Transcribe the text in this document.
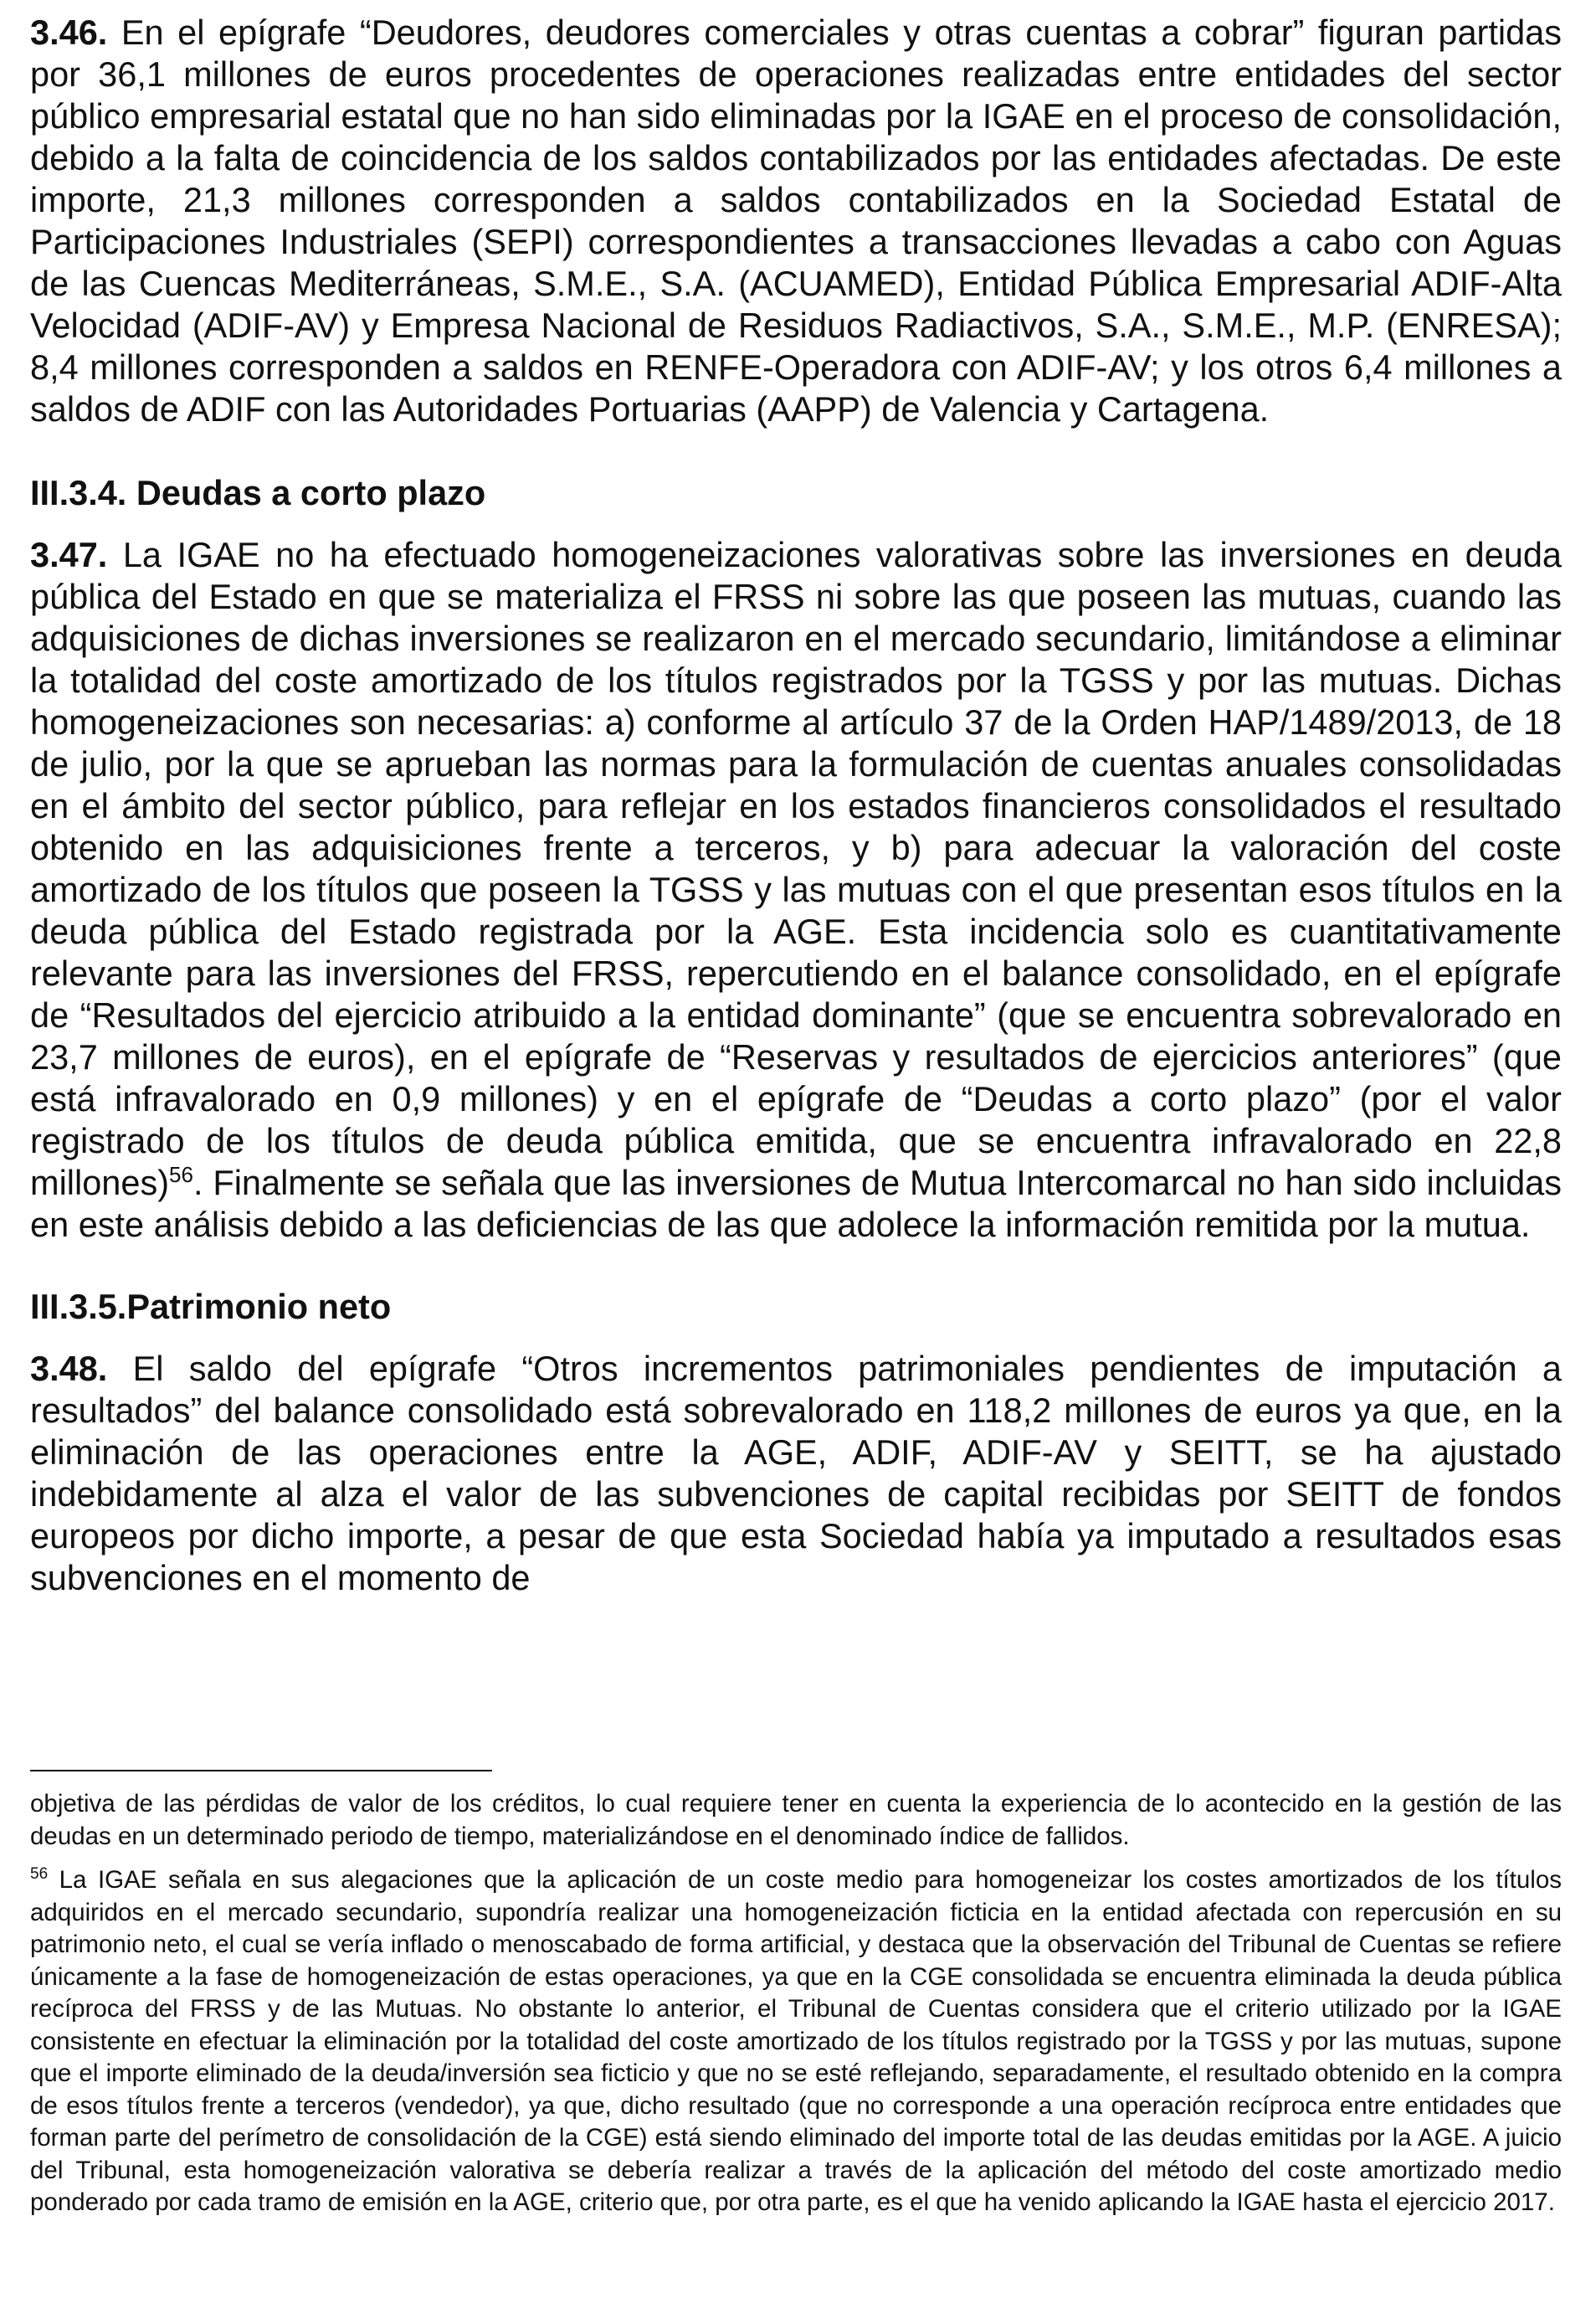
3.46. En el epígrafe “Deudores, deudores comerciales y otras cuentas a cobrar” figuran partidas por 36,1 millones de euros procedentes de operaciones realizadas entre entidades del sector público empresarial estatal que no han sido eliminadas por la IGAE en el proceso de consolidación, debido a la falta de coincidencia de los saldos contabilizados por las entidades afectadas. De este importe, 21,3 millones corresponden a saldos contabilizados en la Sociedad Estatal de Participaciones Industriales (SEPI) correspondientes a transacciones llevadas a cabo con Aguas de las Cuencas Mediterráneas, S.M.E., S.A. (ACUAMED), Entidad Pública Empresarial ADIF-Alta Velocidad (ADIF-AV) y Empresa Nacional de Residuos Radiactivos, S.A., S.M.E., M.P. (ENRESA); 8,4 millones corresponden a saldos en RENFE-Operadora con ADIF-AV; y los otros 6,4 millones a saldos de ADIF con las Autoridades Portuarias (AAPP) de Valencia y Cartagena.

III.3.4. Deudas a corto plazo

3.47. La IGAE no ha efectuado homogeneizaciones valorativas sobre las inversiones en deuda pública del Estado en que se materializa el FRSS ni sobre las que poseen las mutuas, cuando las adquisiciones de dichas inversiones se realizaron en el mercado secundario, limitándose a eliminar la totalidad del coste amortizado de los títulos registrados por la TGSS y por las mutuas. Dichas homogeneizaciones son necesarias: a) conforme al artículo 37 de la Orden HAP/1489/2013, de 18 de julio, por la que se aprueban las normas para la formulación de cuentas anuales consolidadas en el ámbito del sector público, para reflejar en los estados financieros consolidados el resultado obtenido en las adquisiciones frente a terceros, y b) para adecuar la valoración del coste amortizado de los títulos que poseen la TGSS y las mutuas con el que presentan esos títulos en la deuda pública del Estado registrada por la AGE. Esta incidencia solo es cuantitativamente relevante para las inversiones del FRSS, repercutiendo en el balance consolidado, en el epígrafe de “Resultados del ejercicio atribuido a la entidad dominante” (que se encuentra sobrevalorado en 23,7 millones de euros), en el epígrafe de “Reservas y resultados de ejercicios anteriores” (que está infravalorado en 0,9 millones) y en el epígrafe de “Deudas a corto plazo” (por el valor registrado de los títulos de deuda pública emitida, que se encuentra infravalorado en 22,8 millones)$^{56}$. Finalmente se señala que las inversiones de Mutua Intercomarcal no han sido incluidas en este análisis debido a las deficiencias de las que adolece la información remitida por la mutua.

III.3.5.Patrimonio neto

3.48. El saldo del epígrafe “Otros incrementos patrimoniales pendientes de imputación a resultados” del balance consolidado está sobrevalorado en 118,2 millones de euros ya que, en la eliminación de las operaciones entre la AGE, ADIF, ADIF-AV y SEITT, se ha ajustado indebidamente al alza el valor de las subvenciones de capital recibidas por SEITT de fondos europeos por dicho importe, a pesar de que esta Sociedad había ya imputado a resultados esas subvenciones en el momento de

objetiva de las pérdidas de valor de los créditos, lo cual requiere tener en cuenta la experiencia de lo acontecido en la gestión de las deudas en un determinado periodo de tiempo, materializándose en el denominado índice de fallidos.

$^{56}$ La IGAE señala en sus alegaciones que la aplicación de un coste medio para homogeneizar los costes amortizados de los títulos adquiridos en el mercado secundario, supondría realizar una homogeneización ficticia en la entidad afectada con repercusión en su patrimonio neto, el cual se vería inflado o menoscabado de forma artificial, y destaca que la observación del Tribunal de Cuentas se refiere únicamente a la fase de homogeneización de estas operaciones, ya que en la CGE consolidada se encuentra eliminada la deuda pública recíproca del FRSS y de las Mutuas. No obstante lo anterior, el Tribunal de Cuentas considera que el criterio utilizado por la IGAE consistente en efectuar la eliminación por la totalidad del coste amortizado de los títulos registrado por la TGSS y por las mutuas, supone que el importe eliminado de la deuda/inversión sea ficticio y que no se esté reflejando, separadamente, el resultado obtenido en la compra de esos títulos frente a terceros (vendedor), ya que, dicho resultado (que no corresponde a una operación recíproca entre entidades que forman parte del perímetro de consolidación de la CGE) está siendo eliminado del importe total de las deudas emitidas por la AGE. A juicio del Tribunal, esta homogeneización valorativa se debería realizar a través de la aplicación del método del coste amortizado medio ponderado por cada tramo de emisión en la AGE, criterio que, por otra parte, es el que ha venido aplicando la IGAE hasta el ejercicio 2017.
